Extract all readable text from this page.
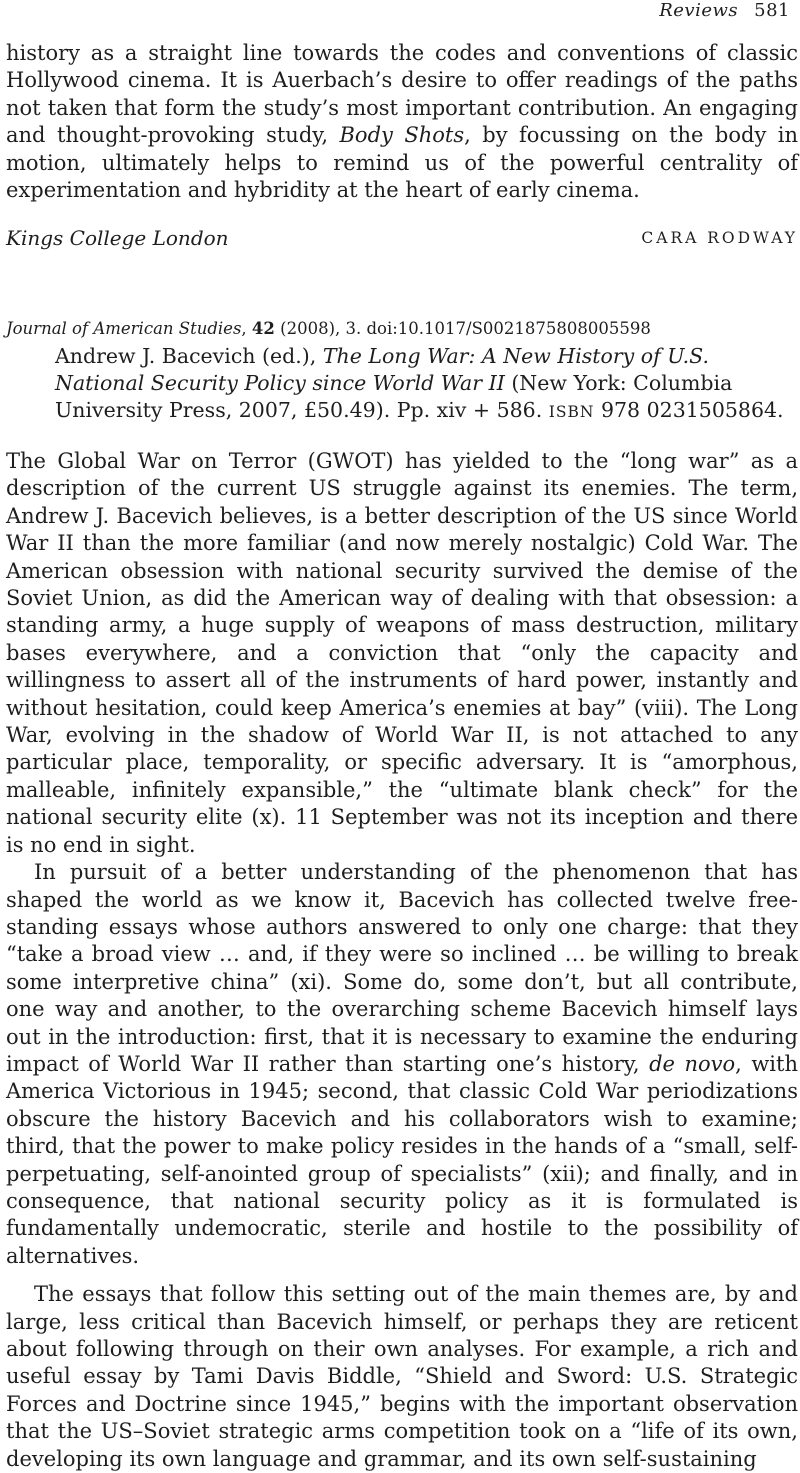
Reviews 581
history as a straight line towards the codes and conventions of classic Hollywood cinema. It is Auerbach’s desire to offer readings of the paths not taken that form the study’s most important contribution. An engaging and thought-provoking study, Body Shots, by focussing on the body in motion, ultimately helps to remind us of the powerful centrality of experimentation and hybridity at the heart of early cinema.
Kings College London	CARA RODWAY
Journal of American Studies, 42 (2008), 3. doi:10.1017/S0021875808005598
Andrew J. Bacevich (ed.), The Long War: A New History of U.S. National Security Policy since World War II (New York: Columbia University Press, 2007, £50.49). Pp. xiv + 586. ISBN 978 0231505864.

The Global War on Terror (GWOT) has yielded to the “long war” as a description of the current US struggle against its enemies. The term, Andrew J. Bacevich believes, is a better description of the US since World War II than the more familiar (and now merely nostalgic) Cold War. The American obsession with national security survived the demise of the Soviet Union, as did the American way of dealing with that obsession: a standing army, a huge supply of weapons of mass destruction, military bases everywhere, and a conviction that “only the capacity and willingness to assert all of the instruments of hard power, instantly and without hesitation, could keep America’s enemies at bay” (viii). The Long War, evolving in the shadow of World War II, is not attached to any particular place, temporality, or specific adversary. It is “amorphous, malleable, infinitely expansible,” the “ultimate blank check” for the national security elite (x). 11 September was not its inception and there is no end in sight.

In pursuit of a better understanding of the phenomenon that has shaped the world as we know it, Bacevich has collected twelve free-standing essays whose authors answered to only one charge: that they “take a broad view … and, if they were so inclined … be willing to break some interpretive china” (xi). Some do, some don’t, but all contribute, one way and another, to the overarching scheme Bacevich himself lays out in the introduction: first, that it is necessary to examine the enduring impact of World War II rather than starting one’s history, de novo, with America Victorious in 1945; second, that classic Cold War periodizations obscure the history Bacevich and his collaborators wish to examine; third, that the power to make policy resides in the hands of a “small, self-perpetuating, self-anointed group of specialists” (xii); and finally, and in consequence, that national security policy as it is formulated is fundamentally undemocratic, sterile and hostile to the possibility of alternatives.

The essays that follow this setting out of the main themes are, by and large, less critical than Bacevich himself, or perhaps they are reticent about following through on their own analyses. For example, a rich and useful essay by Tami Davis Biddle, “Shield and Sword: U.S. Strategic Forces and Doctrine since 1945,” begins with the important observation that the US–Soviet strategic arms competition took on a “life of its own, developing its own language and grammar, and its own self-sustaining
